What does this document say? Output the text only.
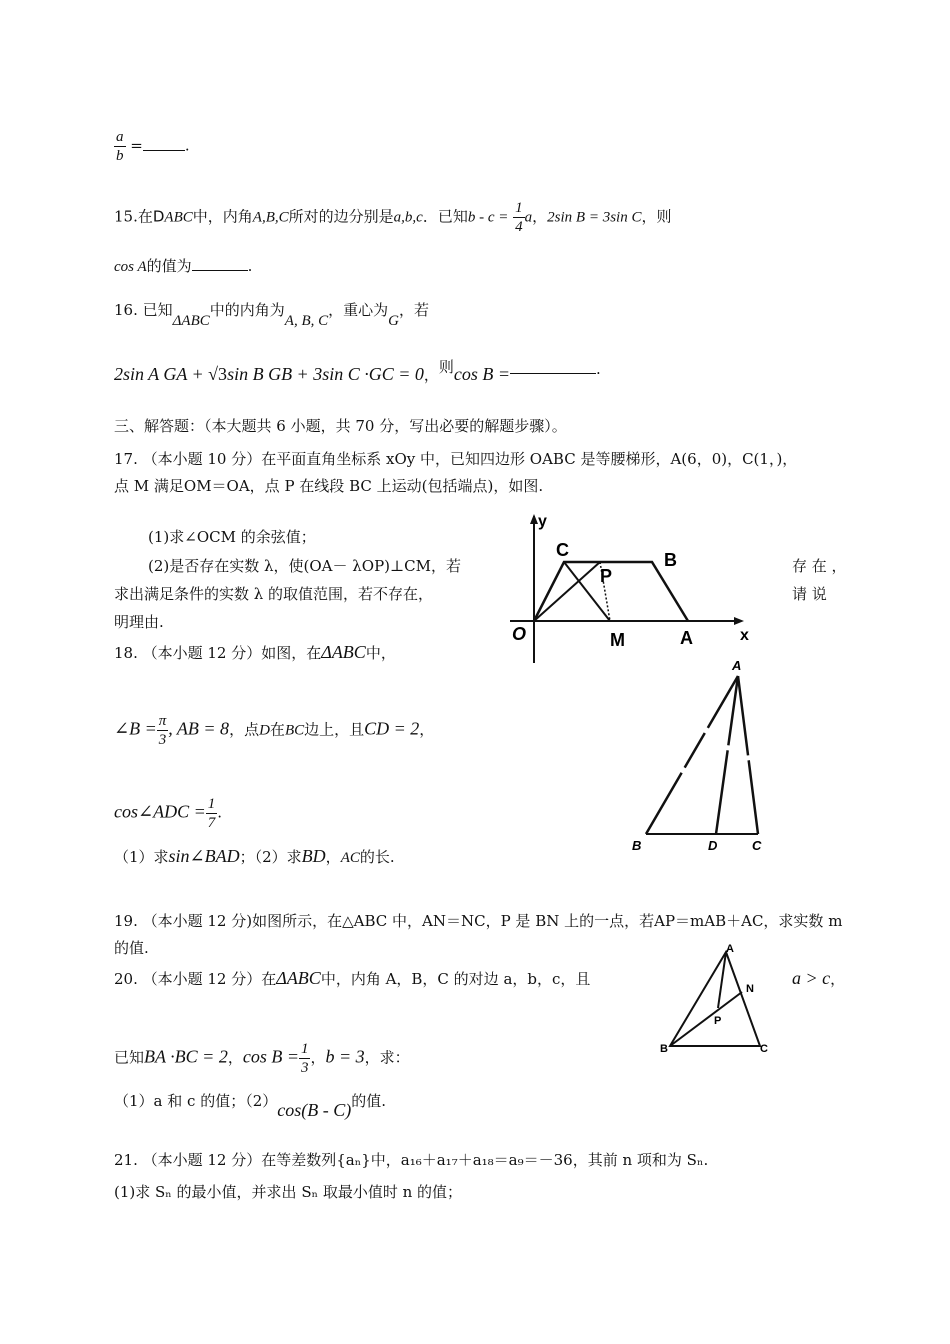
$\frac{a}{b}$ =	.
15.在DABC中，内角A,B,C所对的边分别是a,b,c．已知$b - c = \frac{1}{4}$ a，2sin B = 3sin C，则
cos A的值为	.
16. 已知ΔABC中的内角为A, B, C，重心为G，若
2sin A GA + √3sin B GB + 3sin C ·GC = 0，则cos B =	.
三、解答题：（本大题共 6 小题，共 70 分，写出必要的解题步骤）。
17. （本小题 10 分）在平面直角坐标系 xOy 中，已知四边形 OABC 是等腰梯形，A(6，0)，C(1，)，
点 M 满足OM＝OA，点 P 在线段 BC 上运动(包括端点)，如图.
(1)求∠OCM 的余弦值；
(2)是否存在实数 λ，使(OA－ λOP)⊥CM，若	存 在 ，
求出满足条件的实数 λ 的取值范围，若不存在，	请 说
明理由.
y
x
O
C	B
P
M	A
18. （本小题 12 分）如图，在ΔABC中，
∠B = $\frac{\pi}{3}$ , AB = 8，点D在BC边上，且CD = 2，
cos∠ADC = $\frac{1}{7}$ .
（1）求sin∠BAD；（2）求BD，AC的长.
A
B	D	C
19. （本小题 12 分)如图所示，在△ABC 中，AN＝NC，P 是 BN 上的一点，若AP＝mAB＋AC，求实数 m
的值.
20. （本小题 12 分）在ΔABC中，内角 A，B，C 的对边 a，b，c，且	a > c，
已知BA ·BC = 2，$\cos B = \frac{1}{3}$ ，b = 3，求：
（1）a 和 c 的值；（2）cos(B - C)的值.
A
N
P
B	C
21. （本小题 12 分）在等差数列{aₙ}中，a₁₆＋a₁₇＋a₁₈＝a₉＝－36，其前 n 项和为 Sₙ.
(1)求 Sₙ 的最小值，并求出 Sₙ 取最小值时 n 的值；
